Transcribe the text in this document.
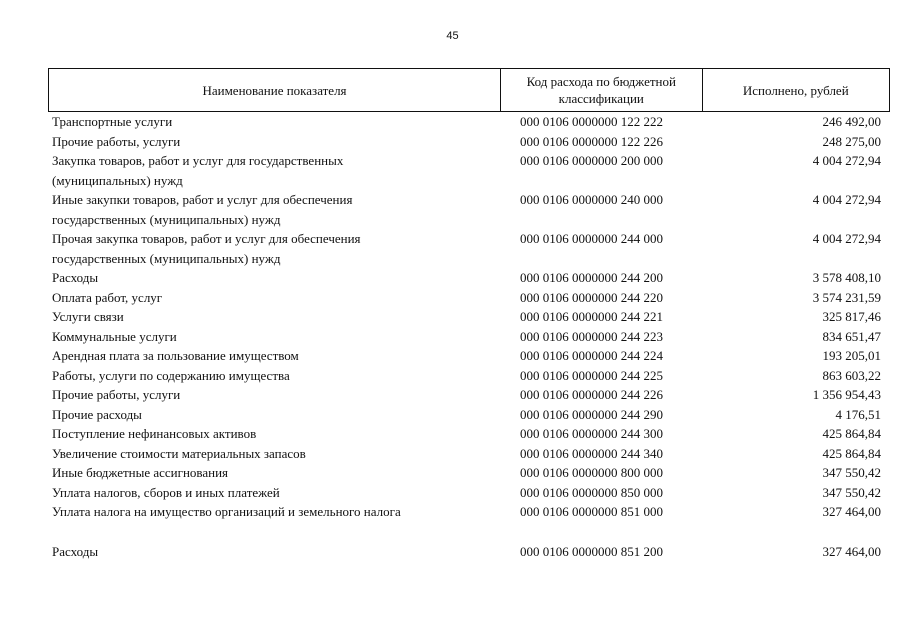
45
Наименование показателя	Код расхода по бюджетной классификации	Исполнено, рублей
Транспортные услуги	000 0106 0000000 122 222	246 492,00
Прочие работы, услуги	000 0106 0000000 122 226	248 275,00
Закупка товаров, работ и услуг для государственных
(муниципальных) нужд
000 0106 0000000 200 000	4 004 272,94
Иные закупки товаров, работ и услуг для обеспечения
государственных (муниципальных) нужд
000 0106 0000000 240 000	4 004 272,94
Прочая закупка товаров, работ и услуг для обеспечения
государственных (муниципальных) нужд
000 0106 0000000 244 000	4 004 272,94
Расходы	000 0106 0000000 244 200	3 578 408,10
Оплата работ, услуг	000 0106 0000000 244 220	3 574 231,59
Услуги связи	000 0106 0000000 244 221	325 817,46
Коммунальные услуги	000 0106 0000000 244 223	834 651,47
Арендная плата за пользование имуществом	000 0106 0000000 244 224	193 205,01
Работы, услуги по содержанию имущества	000 0106 0000000 244 225	863 603,22
Прочие работы, услуги	000 0106 0000000 244 226	1 356 954,43
Прочие расходы	000 0106 0000000 244 290	4 176,51
Поступление нефинансовых активов	000 0106 0000000 244 300	425 864,84
Увеличение стоимости материальных запасов	000 0106 0000000 244 340	425 864,84
Иные бюджетные ассигнования	000 0106 0000000 800 000	347 550,42
Уплата налогов, сборов и иных платежей	000 0106 0000000 850 000	347 550,42
Уплата налога на имущество организаций и земельного налога	000 0106 0000000 851 000	327 464,00
Расходы	000 0106 0000000 851 200	327 464,00
